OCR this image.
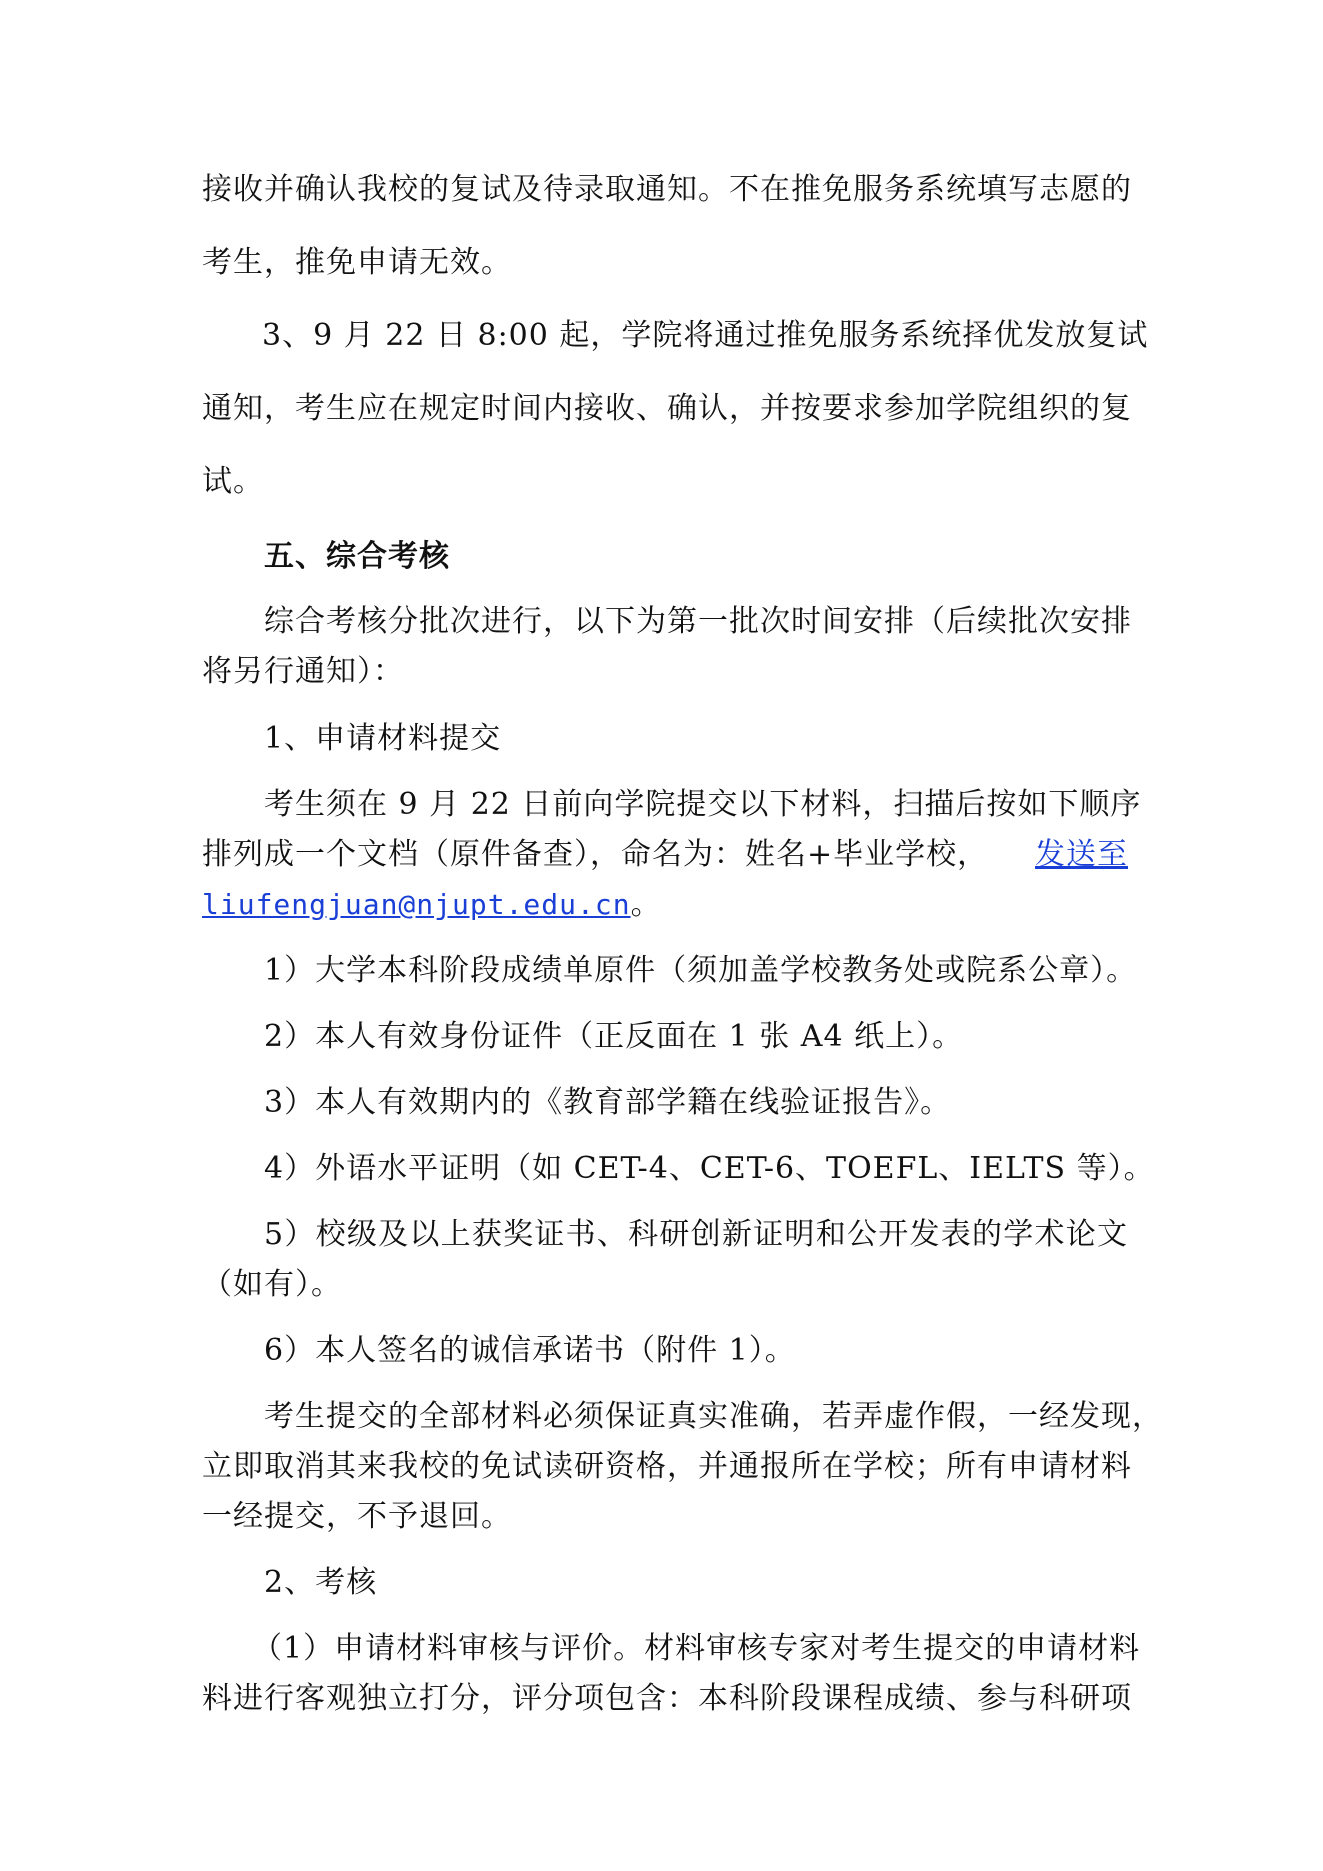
接收并确认我校的复试及待录取通知。不在推免服务系统填写志愿的
考生，推免申请无效。
3、9 月 22 日 8:00 起，学院将通过推免服务系统择优发放复试
通知，考生应在规定时间内接收、确认，并按要求参加学院组织的复
试。
五、综合考核
综合考核分批次进行，以下为第一批次时间安排（后续批次安排
将另行通知）：
1、申请材料提交
考生须在 9 月 22 日前向学院提交以下材料，扫描后按如下顺序
排列成一个文档（原件备查），命名为：姓名+毕业学校， 发送至
liufengjuan@njupt.edu.cn。
1）大学本科阶段成绩单原件（须加盖学校教务处或院系公章）。
2）本人有效身份证件（正反面在 1 张 A4 纸上）。
3）本人有效期内的《教育部学籍在线验证报告》。
4）外语水平证明（如 CET-4、CET-6、TOEFL、IELTS 等）。
5）校级及以上获奖证书、科研创新证明和公开发表的学术论文
（如有）。
6）本人签名的诚信承诺书（附件 1）。
考生提交的全部材料必须保证真实准确，若弄虚作假，一经发现，
立即取消其来我校的免试读研资格，并通报所在学校；所有申请材料
一经提交，不予退回。
2、考核
（1）申请材料审核与评价。材料审核专家对考生提交的申请材料
料进行客观独立打分，评分项包含：本科阶段课程成绩、参与科研项
